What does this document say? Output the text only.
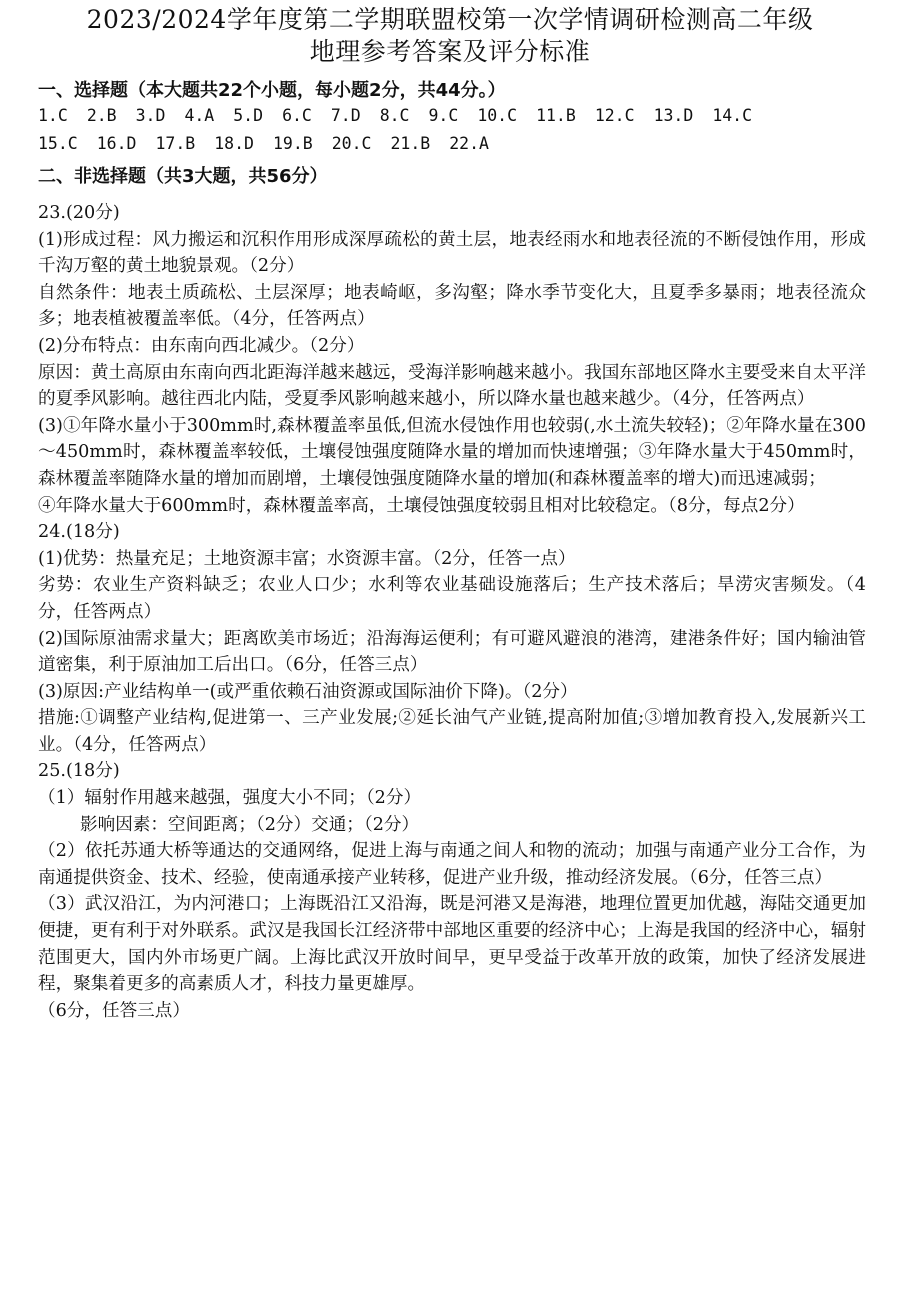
2023/2024学年度第二学期联盟校第一次学情调研检测高二年级
地理参考答案及评分标准
一、选择题（本大题共22个小题，每小题2分，共44分。）
1.C 2.B 3.D 4.A 5.D 6.C 7.D 8.C 9.C 10.C 11.B 12.C 13.D 14.C
15.C 16.D 17.B 18.D 19.B 20.C 21.B 22.A
二、非选择题（共3大题，共56分）

23.(20分)

(1)形成过程：风力搬运和沉积作用形成深厚疏松的黄土层，地表经雨水和地表径流的不断侵蚀作用，形成千沟万壑的黄土地貌景观。（2分）

自然条件：地表土质疏松、土层深厚；地表崎岖，多沟壑；降水季节变化大，且夏季多暴雨；地表径流众多；地表植被覆盖率低。（4分，任答两点）

(2)分布特点：由东南向西北减少。（2分）

原因：黄土高原由东南向西北距海洋越来越远，受海洋影响越来越小。我国东部地区降水主要受来自太平洋的夏季风影响。越往西北内陆，受夏季风影响越来越小，所以降水量也越来越少。（4分，任答两点）

(3)①年降水量小于300mm时,森林覆盖率虽低,但流水侵蚀作用也较弱(,水土流失较轻)；②年降水量在300～450mm时，森林覆盖率较低，土壤侵蚀强度随降水量的增加而快速增强；③年降水量大于450mm时，森林覆盖率随降水量的增加而剧增，土壤侵蚀强度随降水量的增加(和森林覆盖率的增大)而迅速减弱；

④年降水量大于600mm时，森林覆盖率高，土壤侵蚀强度较弱且相对比较稳定。（8分，每点2分）

24.(18分)

(1)优势：热量充足；土地资源丰富；水资源丰富。（2分，任答一点）

劣势：农业生产资料缺乏；农业人口少；水利等农业基础设施落后；生产技术落后；旱涝灾害频发。（4分，任答两点）

(2)国际原油需求量大；距离欧美市场近；沿海海运便利；有可避风避浪的港湾，建港条件好；国内输油管道密集，利于原油加工后出口。（6分，任答三点）

(3)原因:产业结构单一(或严重依赖石油资源或国际油价下降)。（2分）

措施:①调整产业结构,促进第一、三产业发展;②延长油气产业链,提高附加值;③增加教育投入,发展新兴工业。（4分，任答两点）

25.(18分)

（1）辐射作用越来越强，强度大小不同；（2分）

影响因素：空间距离；（2分）交通；（2分）

（2）依托苏通大桥等通达的交通网络，促进上海与南通之间人和物的流动；加强与南通产业分工合作，为南通提供资金、技术、经验，使南通承接产业转移，促进产业升级，推动经济发展。（6分，任答三点）

（3）武汉沿江，为内河港口；上海既沿江又沿海，既是河港又是海港，地理位置更加优越，海陆交通更加便捷，更有利于对外联系。武汉是我国长江经济带中部地区重要的经济中心；上海是我国的经济中心，辐射范围更大，国内外市场更广阔。上海比武汉开放时间早，更早受益于改革开放的政策，加快了经济发展进程，聚集着更多的高素质人才，科技力量更雄厚。

（6分，任答三点）
